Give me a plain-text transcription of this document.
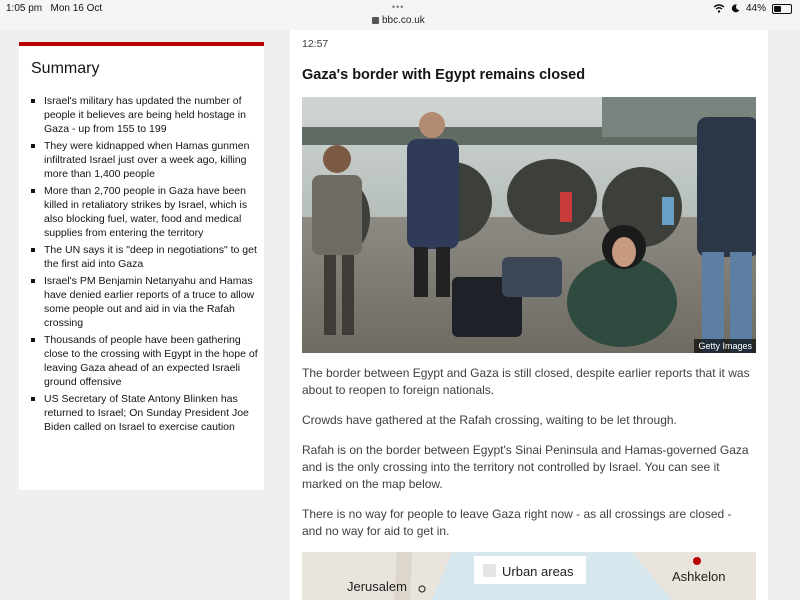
1:05 pm Mon 16 Oct	•••
bbc.co.uk
44%
Summary
Israel's military has updated the number of people it believes are being held hostage in Gaza - up from 155 to 199
They were kidnapped when Hamas gunmen infiltrated Israel just over a week ago, killing more than 1,400 people
More than 2,700 people in Gaza have been killed in retaliatory strikes by Israel, which is also blocking fuel, water, food and medical supplies from entering the territory
The UN says it is "deep in negotiations" to get the first aid into Gaza
Israel's PM Benjamin Netanyahu and Hamas have denied earlier reports of a truce to allow some people out and aid in via the Rafah crossing
Thousands of people have been gathering close to the crossing with Egypt in the hope of leaving Gaza ahead of an expected Israeli ground offensive
US Secretary of State Antony Blinken has returned to Israel; On Sunday President Joe Biden called on Israel to exercise caution
12:57
Gaza's border with Egypt remains closed
Getty Images

The border between Egypt and Gaza is still closed, despite earlier reports that it was about to reopen to foreign nationals.

Crowds have gathered at the Rafah crossing, waiting to be let through.

Rafah is on the border between Egypt's Sinai Peninsula and Hamas-governed Gaza and is the only crossing into the territory not controlled by Israel. You can see it marked on the map below.

There is no way for people to leave Gaza right now - as all crossings are closed - and no way for aid to get in.

Urban areas
Jerusalem
Ashkelon
